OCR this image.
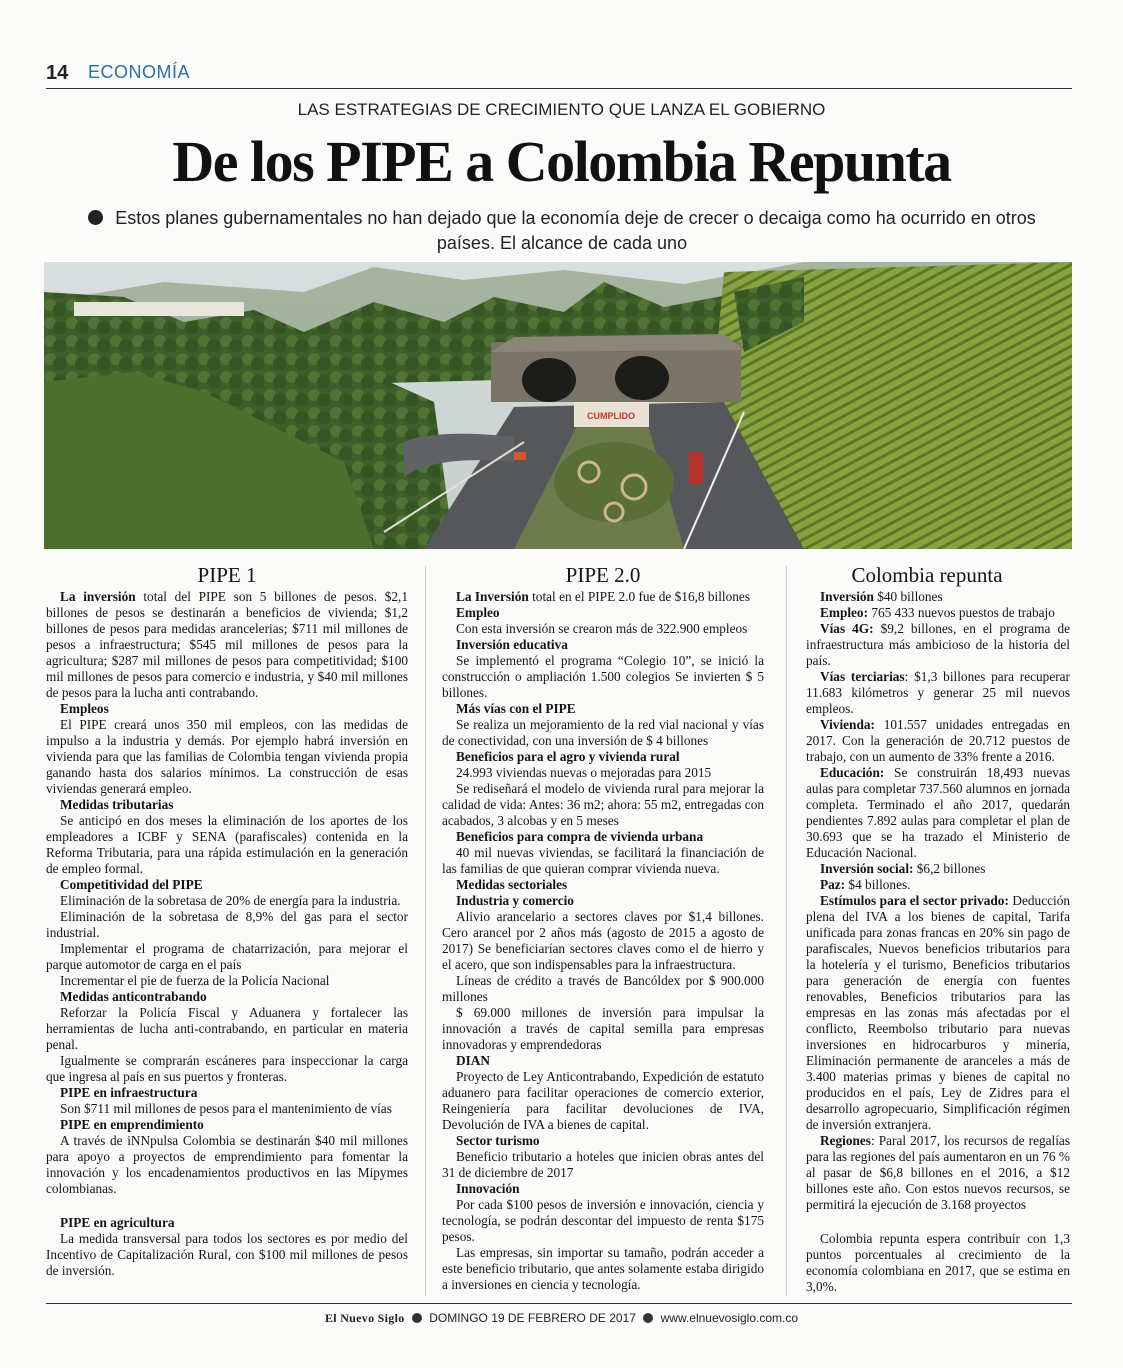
14 ECONOMÍA
LAS ESTRATEGIAS DE CRECIMIENTO QUE LANZA EL GOBIERNO
De los PIPE a Colombia Repunta
Estos planes gubernamentales no han dejado que la economía deje de crecer o decaiga como ha ocurrido en otros países. El alcance de cada uno
CUMPLIDO
PIPE 1

La inversión total del PIPE son 5 billones de pesos. $2,1 billones de pesos se destinarán a beneficios de vivienda; $1,2 billones de pesos para medidas arancelerias; $711 mil millones de pesos a infraestructura; $545 mil millones de pesos para la agricultura; $287 mil millones de pesos para competitividad; $100 mil millones de pesos para comercio e industria, y $40 mil millones de pesos para la lucha anti contrabando.

Empleos

El PIPE creará unos 350 mil empleos, con las medidas de impulso a la industria y demás. Por ejemplo habrá inversión en vivienda para que las familias de Colombia tengan vivienda propia ganando hasta dos salarios mínimos. La construcción de esas viviendas generará empleo.

Medidas tributarias

Se anticipó en dos meses la eliminación de los aportes de los empleadores a ICBF y SENA (parafiscales) contenida en la Reforma Tributaria, para una rápida estimulación en la generación de empleo formal.

Competitividad del PIPE

Eliminación de la sobretasa de 20% de energía para la industria.

Eliminación de la sobretasa de 8,9% del gas para el sector industrial.

Implementar el programa de chatarrización, para mejorar el parque automotor de carga en el país

Incrementar el pie de fuerza de la Policía Nacional

Medidas anticontrabando

Reforzar la Policía Fiscal y Aduanera y fortalecer las herramientas de lucha anti-contrabando, en particular en materia penal.

Igualmente se comprarán escáneres para inspeccionar la carga que ingresa al país en sus puertos y fronteras.

PIPE en infraestructura

Son $711 mil millones de pesos para el mantenimiento de vías

PIPE en emprendimiento

A través de iNNpulsa Colombia se destinarán $40 mil millones para apoyo a proyectos de emprendimiento para fomentar la innovación y los encadenamientos productivos en las Mipymes colombianas.

PIPE en agricultura

La medida transversal para todos los sectores es por medio del Incentivo de Capitalización Rural, con $100 mil millones de pesos de inversión.

PIPE 2.0

La Inversión total en el PIPE 2.0 fue de $16,8 billones

Empleo

Con esta inversión se crearon más de 322.900 empleos

Inversión educativa

Se implementó el programa “Colegio 10”, se inició la construcción o ampliación 1.500 colegios Se invierten $ 5 billones.

Más vías con el PIPE

Se realiza un mejoramiento de la red vial nacional y vías de conectividad, con una inversión de $ 4 billones

Beneficios para el agro y vivienda rural

24.993 viviendas nuevas o mejoradas para 2015

Se rediseñará el modelo de vivienda rural para mejorar la calidad de vida: Antes: 36 m2; ahora: 55 m2, entregadas con acabados, 3 alcobas y en 5 meses

Beneficios para compra de vivienda urbana

40 mil nuevas viviendas, se facilitará la financiación de las familias de que quieran comprar vivienda nueva.

Medidas sectoriales
Industria y comercio

Alivio arancelario a sectores claves por $1,4 billones. Cero arancel por 2 años más (agosto de 2015 a agosto de 2017) Se beneficiarían sectores claves como el de hierro y el acero, que son indispensables para la infraestructura.

Líneas de crédito a través de Bancóldex por $ 900.000 millones

$ 69.000 millones de inversión para impulsar la innovación a través de capital semilla para empresas innovadoras y emprendedoras

DIAN

Proyecto de Ley Anticontrabando, Expedición de estatuto aduanero para facilitar operaciones de comercio exterior, Reingeniería para facilitar devoluciones de IVA, Devolución de IVA a bienes de capital.

Sector turismo

Beneficio tributario a hoteles que inicien obras antes del 31 de diciembre de 2017

Innovación

Por cada $100 pesos de inversión e innovación, ciencia y tecnología, se podrán descontar del impuesto de renta $175 pesos.

Las empresas, sin importar su tamaño, podrán acceder a este beneficio tributario, que antes solamente estaba dirigido a inversiones en ciencia y tecnología.

Colombia repunta

Inversión $40 billones

Empleo: 765 433 nuevos puestos de trabajo

Vías 4G: $9,2 billones, en el programa de infraestructura más ambicioso de la historia del país.

Vías terciarias: $1,3 billones para recuperar 11.683 kilómetros y generar 25 mil nuevos empleos.

Vivienda: 101.557 unidades entregadas en 2017. Con la generación de 20.712 puestos de trabajo, con un aumento de 33% frente a 2016.

Educación: Se construirán 18,493 nuevas aulas para completar 737.560 alumnos en jornada completa. Terminado el año 2017, quedarán pendientes 7.892 aulas para completar el plan de 30.693 que se ha trazado el Ministerio de Educación Nacional.

Inversión social: $6,2 billones

Paz: $4 billones.

Estímulos para el sector privado: Deducción plena del IVA a los bienes de capital, Tarifa unificada para zonas francas en 20% sin pago de parafiscales, Nuevos beneficios tributarios para la hotelería y el turismo, Beneficios tributarios para generación de energía con fuentes renovables, Beneficios tributarios para las empresas en las zonas más afectadas por el conflicto, Reembolso tributario para nuevas inversiones en hidrocarburos y minería, Eliminación permanente de aranceles a más de 3.400 materias primas y bienes de capital no producidos en el país, Ley de Zidres para el desarrollo agropecuario, Simplificación régimen de inversión extranjera.

Regiones: Paral 2017, los recursos de regalías para las regiones del país aumentaron en un 76 % al pasar de $6,8 billones en el 2016, a $12 billones este año. Con estos nuevos recursos, se permitirá la ejecución de 3.168 proyectos

Colombia repunta espera contribuir con 1,3 puntos porcentuales al crecimiento de la economía colombiana en 2017, que se estima en 3,0%.

El Nuevo Siglo DOMINGO 19 DE FEBRERO DE 2017 www.elnuevosiglo.com.co
